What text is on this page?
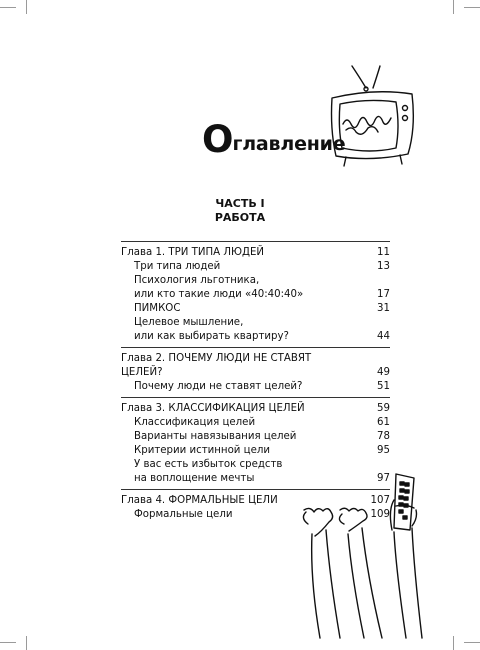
Оглавление
ЧАСТЬ I
РАБОТА
Глава 1. ТРИ ТИПА ЛЮДЕЙ	11
Три типа людей	13
Психология льготника,
или кто такие люди «40:40:40»	17
ПИМКОС	31
Целевое мышление,
или как выбирать квартиру?	44
Глава 2. ПОЧЕМУ ЛЮДИ НЕ СТАВЯТ
ЦЕЛЕЙ?	49
Почему люди не ставят целей?	51
Глава 3. КЛАССИФИКАЦИЯ ЦЕЛЕЙ	59
Классификация целей	61
Варианты навязывания целей	78
Критерии истинной цели	95
У вас есть избыток средств
на воплощение мечты	97
Глава 4. ФОРМАЛЬНЫЕ ЦЕЛИ	107
Формальные цели	109
